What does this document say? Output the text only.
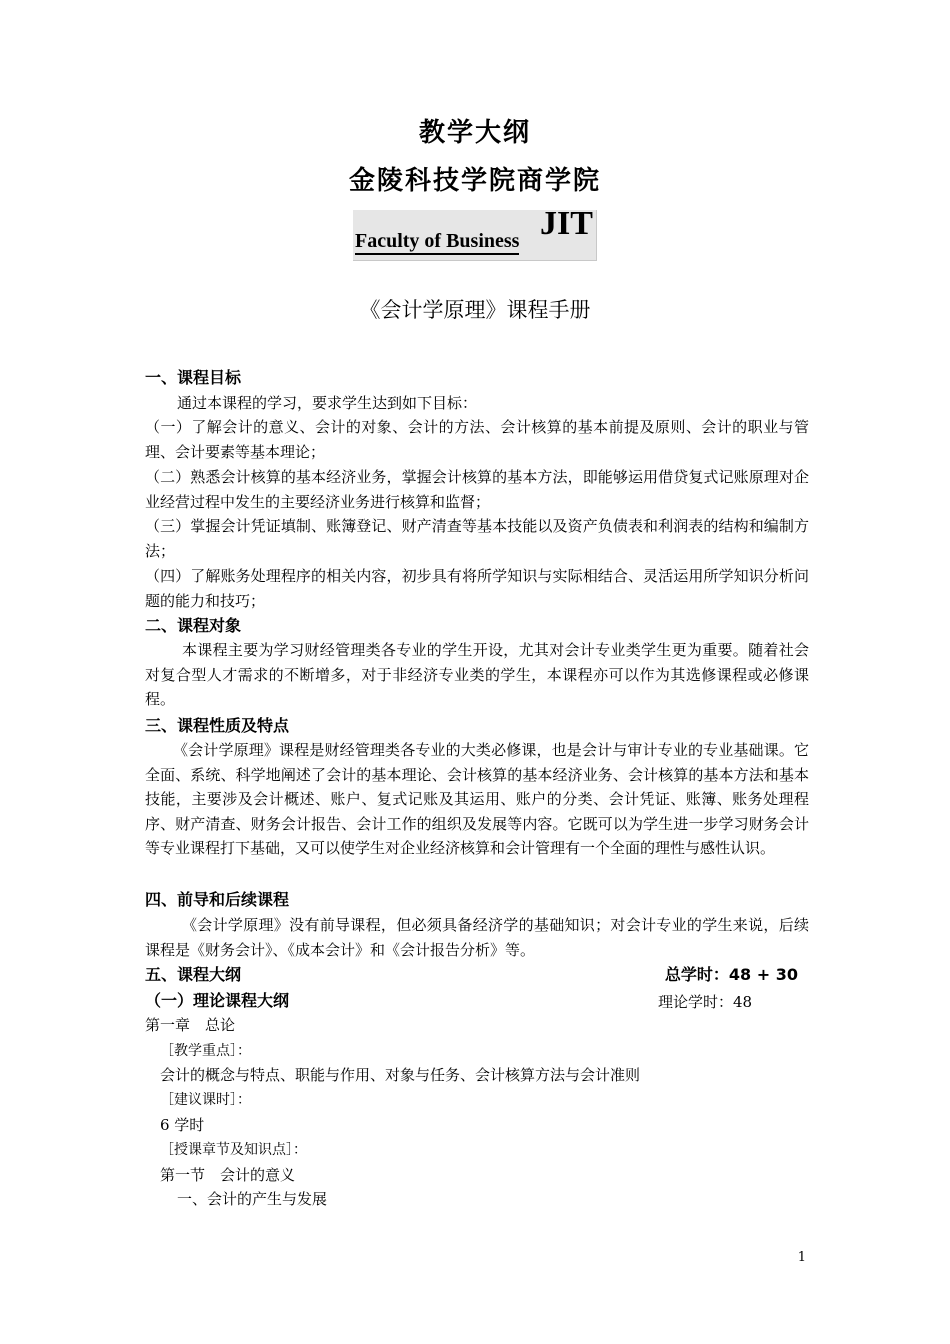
教学大纲
金陵科技学院商学院
Faculty of Business JIT
《会计学原理》课程手册
一、课程目标
通过本课程的学习，要求学生达到如下目标：
（一）了解会计的意义、会计的对象、会计的方法、会计核算的基本前提及原则、会计的职业与管理、会计要素等基本理论；
（二）熟悉会计核算的基本经济业务，掌握会计核算的基本方法，即能够运用借贷复式记账原理对企业经营过程中发生的主要经济业务进行核算和监督；
（三）掌握会计凭证填制、账簿登记、财产清查等基本技能以及资产负债表和利润表的结构和编制方法；
（四）了解账务处理程序的相关内容，初步具有将所学知识与实际相结合、灵活运用所学知识分析问题的能力和技巧；
二、课程对象
本课程主要为学习财经管理类各专业的学生开设，尤其对会计专业类学生更为重要。随着社会对复合型人才需求的不断增多，对于非经济专业类的学生，本课程亦可以作为其选修课程或必修课程。
三、课程性质及特点
《会计学原理》课程是财经管理类各专业的大类必修课，也是会计与审计专业的专业基础课。它全面、系统、科学地阐述了会计的基本理论、会计核算的基本经济业务、会计核算的基本方法和基本技能，主要涉及会计概述、账户、复式记账及其运用、账户的分类、会计凭证、账簿、账务处理程序、财产清查、财务会计报告、会计工作的组织及发展等内容。它既可以为学生进一步学习财务会计等专业课程打下基础，又可以使学生对企业经济核算和会计管理有一个全面的理性与感性认识。
四、前导和后续课程
《会计学原理》没有前导课程，但必须具备经济学的基础知识；对会计专业的学生来说，后续课程是《财务会计》、《成本会计》和《会计报告分析》等。
五、课程大纲	总学时：48 + 30
（一）理论课程大纲	理论学时：48
第一章　总论
［教学重点］：
会计的概念与特点、职能与作用、对象与任务、会计核算方法与会计准则
［建议课时］：
6 学时
［授课章节及知识点］：
第一节　会计的意义
一、会计的产生与发展
1
